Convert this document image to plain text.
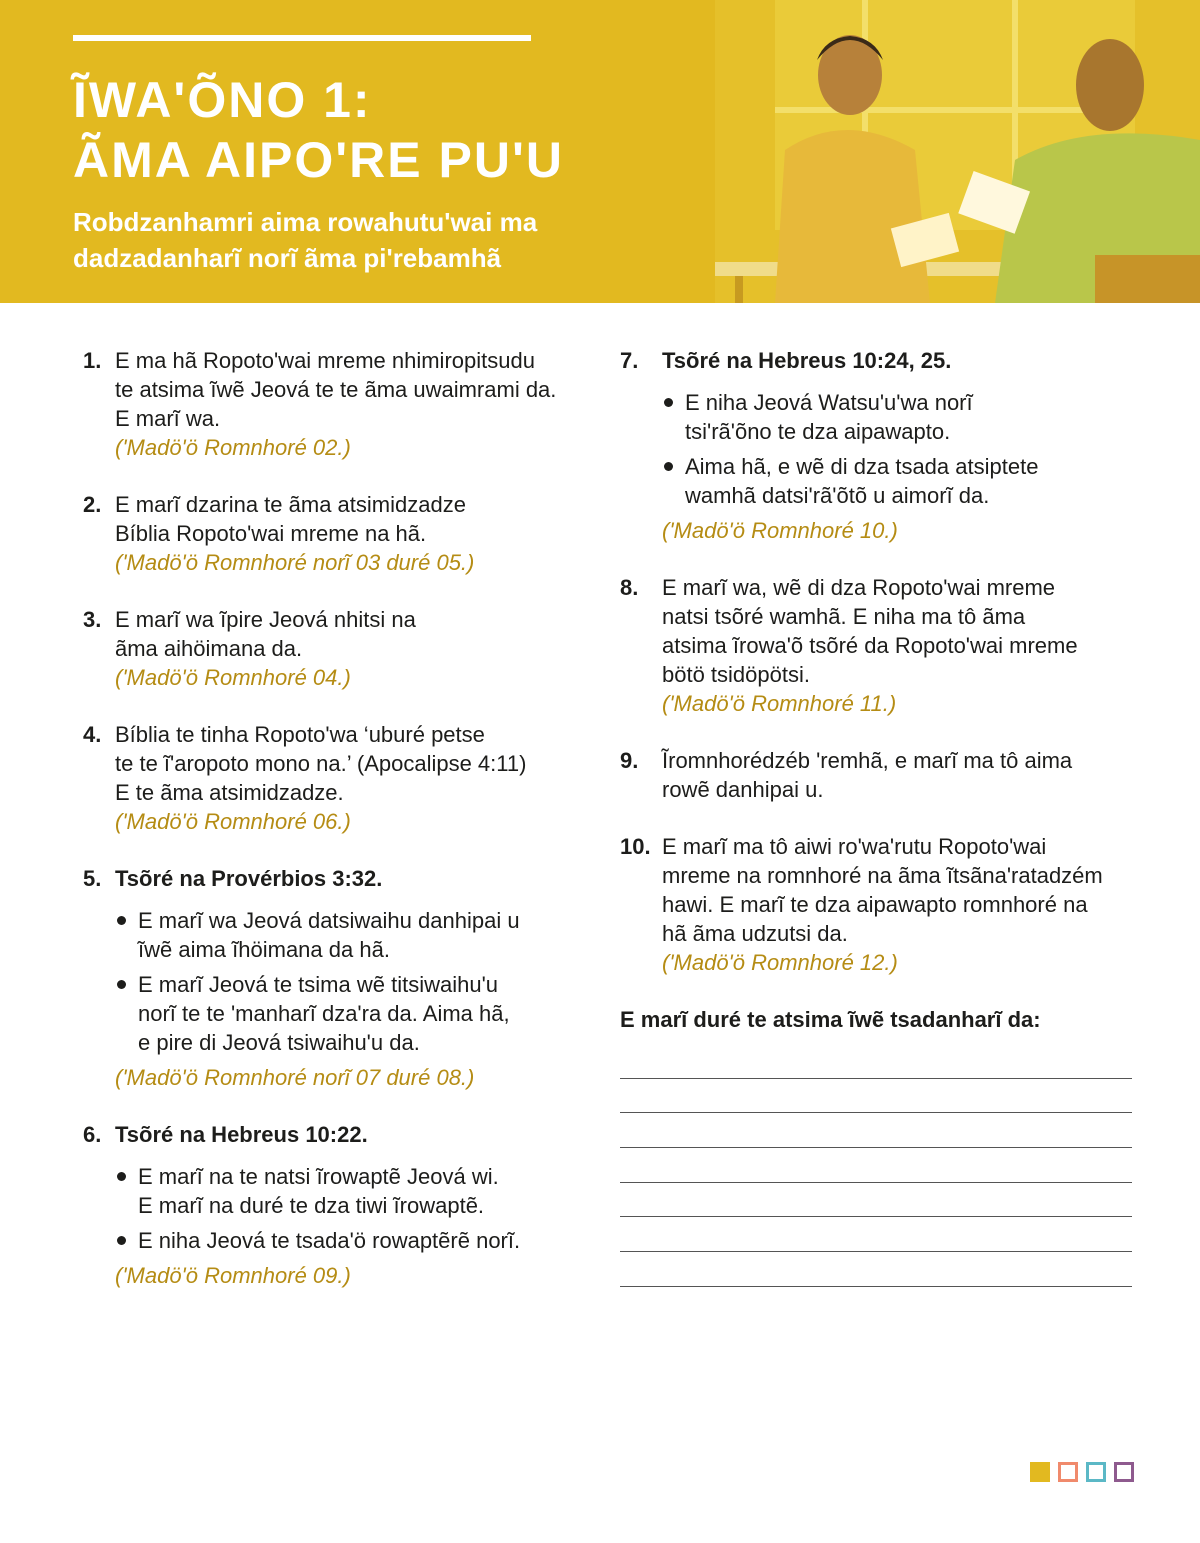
ĨWA'ÕNO 1:
ÃMA AIPO'RE PU'U

Robdzanhamri aima rowahutu'wai ma
dadzadanharĩ norĩ ãma pi'rebamhã

1. E ma hã Ropoto'wai mreme nhimiropitsudu
te atsima ĩwẽ Jeová te te ãma uwaimrami da.
E marĩ wa.
('Madö'ö Romnhoré 02.)
2. E marĩ dzarina te ãma atsimidzadze
Bíblia Ropoto'wai mreme na hã.
('Madö'ö Romnhoré norĩ 03 duré 05.)
3. E marĩ wa ĩpire Jeová nhitsi na
ãma aihöimana da.
('Madö'ö Romnhoré 04.)
4. Bíblia te tinha Ropoto'wa ‘uburé petse
te te ĩ'aropoto mono na.’ (Apocalipse 4:11)
E te ãma atsimidzadze.
('Madö'ö Romnhoré 06.)
5. Tsõré na Provérbios 3:32.
E marĩ wa Jeová datsiwaihu danhipai u
ĩwẽ aima ĩhöimana da hã.
E marĩ Jeová te tsima wẽ titsiwaihu'u
norĩ te te 'manharĩ dza'ra da. Aima hã,
e pire di Jeová tsiwaihu'u da.
('Madö'ö Romnhoré norĩ 07 duré 08.)
6. Tsõré na Hebreus 10:22.
E marĩ na te natsi ĩrowaptẽ Jeová wi.
E marĩ na duré te dza tiwi ĩrowaptẽ.
E niha Jeová te tsada'ö rowaptẽrẽ norĩ.
('Madö'ö Romnhoré 09.)
7. Tsõré na Hebreus 10:24, 25.
E niha Jeová Watsu'u'wa norĩ
tsi'rã'õno te dza aipawapto.
Aima hã, e wẽ di dza tsada atsiptete
wamhã datsi'rã'õtõ u aimorĩ da.
('Madö'ö Romnhoré 10.)
8. E marĩ wa, wẽ di dza Ropoto'wai mreme
natsi tsõré wamhã. E niha ma tô ãma
atsima ĩrowa'õ tsõré da Ropoto'wai mreme
bötö tsidöpötsi.
('Madö'ö Romnhoré 11.)
9. Ĩromnhorédzéb 'remhã, e marĩ ma tô aima
rowẽ danhipai u.
10. E marĩ ma tô aiwi ro'wa'rutu Ropoto'wai
mreme na romnhoré na ãma ĩtsãna'ratadzém
hawi. E marĩ te dza aipawapto romnhoré na
hã ãma udzutsi da.
('Madö'ö Romnhoré 12.)
E marĩ duré te atsima ĩwẽ tsadanharĩ da:
